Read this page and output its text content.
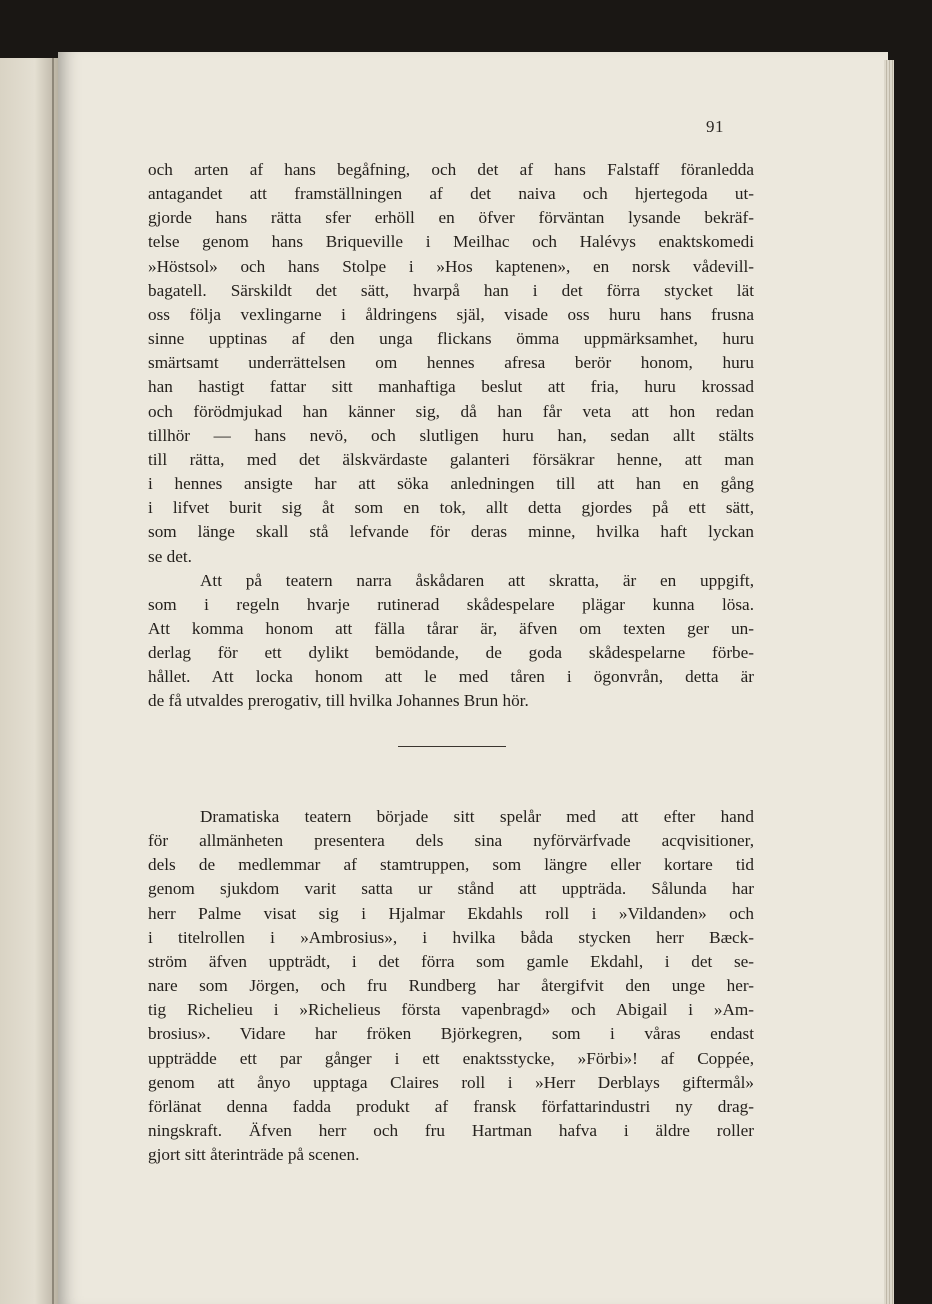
91
och arten af hans begåfning, och det af hans Falstaff föranledda
antagandet att framställningen af det naiva och hjertegoda ut-
gjorde hans rätta sfer erhöll en öfver förväntan lysande bekräf-
telse genom hans Briqueville i Meilhac och Halévys enaktskomedi
»Höstsol» och hans Stolpe i »Hos kaptenen», en norsk vådevill-
bagatell. Särskildt det sätt, hvarpå han i det förra stycket lät
oss följa vexlingarne i åldringens själ, visade oss huru hans frusna
sinne upptinas af den unga flickans ömma uppmärksamhet, huru
smärtsamt underrättelsen om hennes afresa berör honom, huru
han hastigt fattar sitt manhaftiga beslut att fria, huru krossad
och förödmjukad han känner sig, då han får veta att hon redan
tillhör — hans nevö, och slutligen huru han, sedan allt stälts
till rätta, med det älskvärdaste galanteri försäkrar henne, att man
i hennes ansigte har att söka anledningen till att han en gång
i lifvet burit sig åt som en tok, allt detta gjordes på ett sätt,
som länge skall stå lefvande för deras minne, hvilka haft lyckan
se det.
Att på teatern narra åskådaren att skratta, är en uppgift,
som i regeln hvarje rutinerad skådespelare plägar kunna lösa.
Att komma honom att fälla tårar är, äfven om texten ger un-
derlag för ett dylikt bemödande, de goda skådespelarne förbe-
hållet. Att locka honom att le med tåren i ögonvrån, detta är
de få utvaldes prerogativ, till hvilka Johannes Brun hör.
Dramatiska teatern började sitt spelår med att efter hand
för allmänheten presentera dels sina nyförvärfvade acqvisitioner,
dels de medlemmar af stamtruppen, som längre eller kortare tid
genom sjukdom varit satta ur stånd att uppträda. Sålunda har
herr Palme visat sig i Hjalmar Ekdahls roll i »Vildanden» och
i titelrollen i »Ambrosius», i hvilka båda stycken herr Bæck-
ström äfven uppträdt, i det förra som gamle Ekdahl, i det se-
nare som Jörgen, och fru Rundberg har återgifvit den unge her-
tig Richelieu i »Richelieus första vapenbragd» och Abigail i »Am-
brosius». Vidare har fröken Björkegren, som i våras endast
uppträdde ett par gånger i ett enaktsstycke, »Förbi»! af Coppée,
genom att ånyo upptaga Claires roll i »Herr Derblays giftermål»
förlänat denna fadda produkt af fransk författarindustri ny drag-
ningskraft. Äfven herr och fru Hartman hafva i äldre roller
gjort sitt återinträde på scenen.
